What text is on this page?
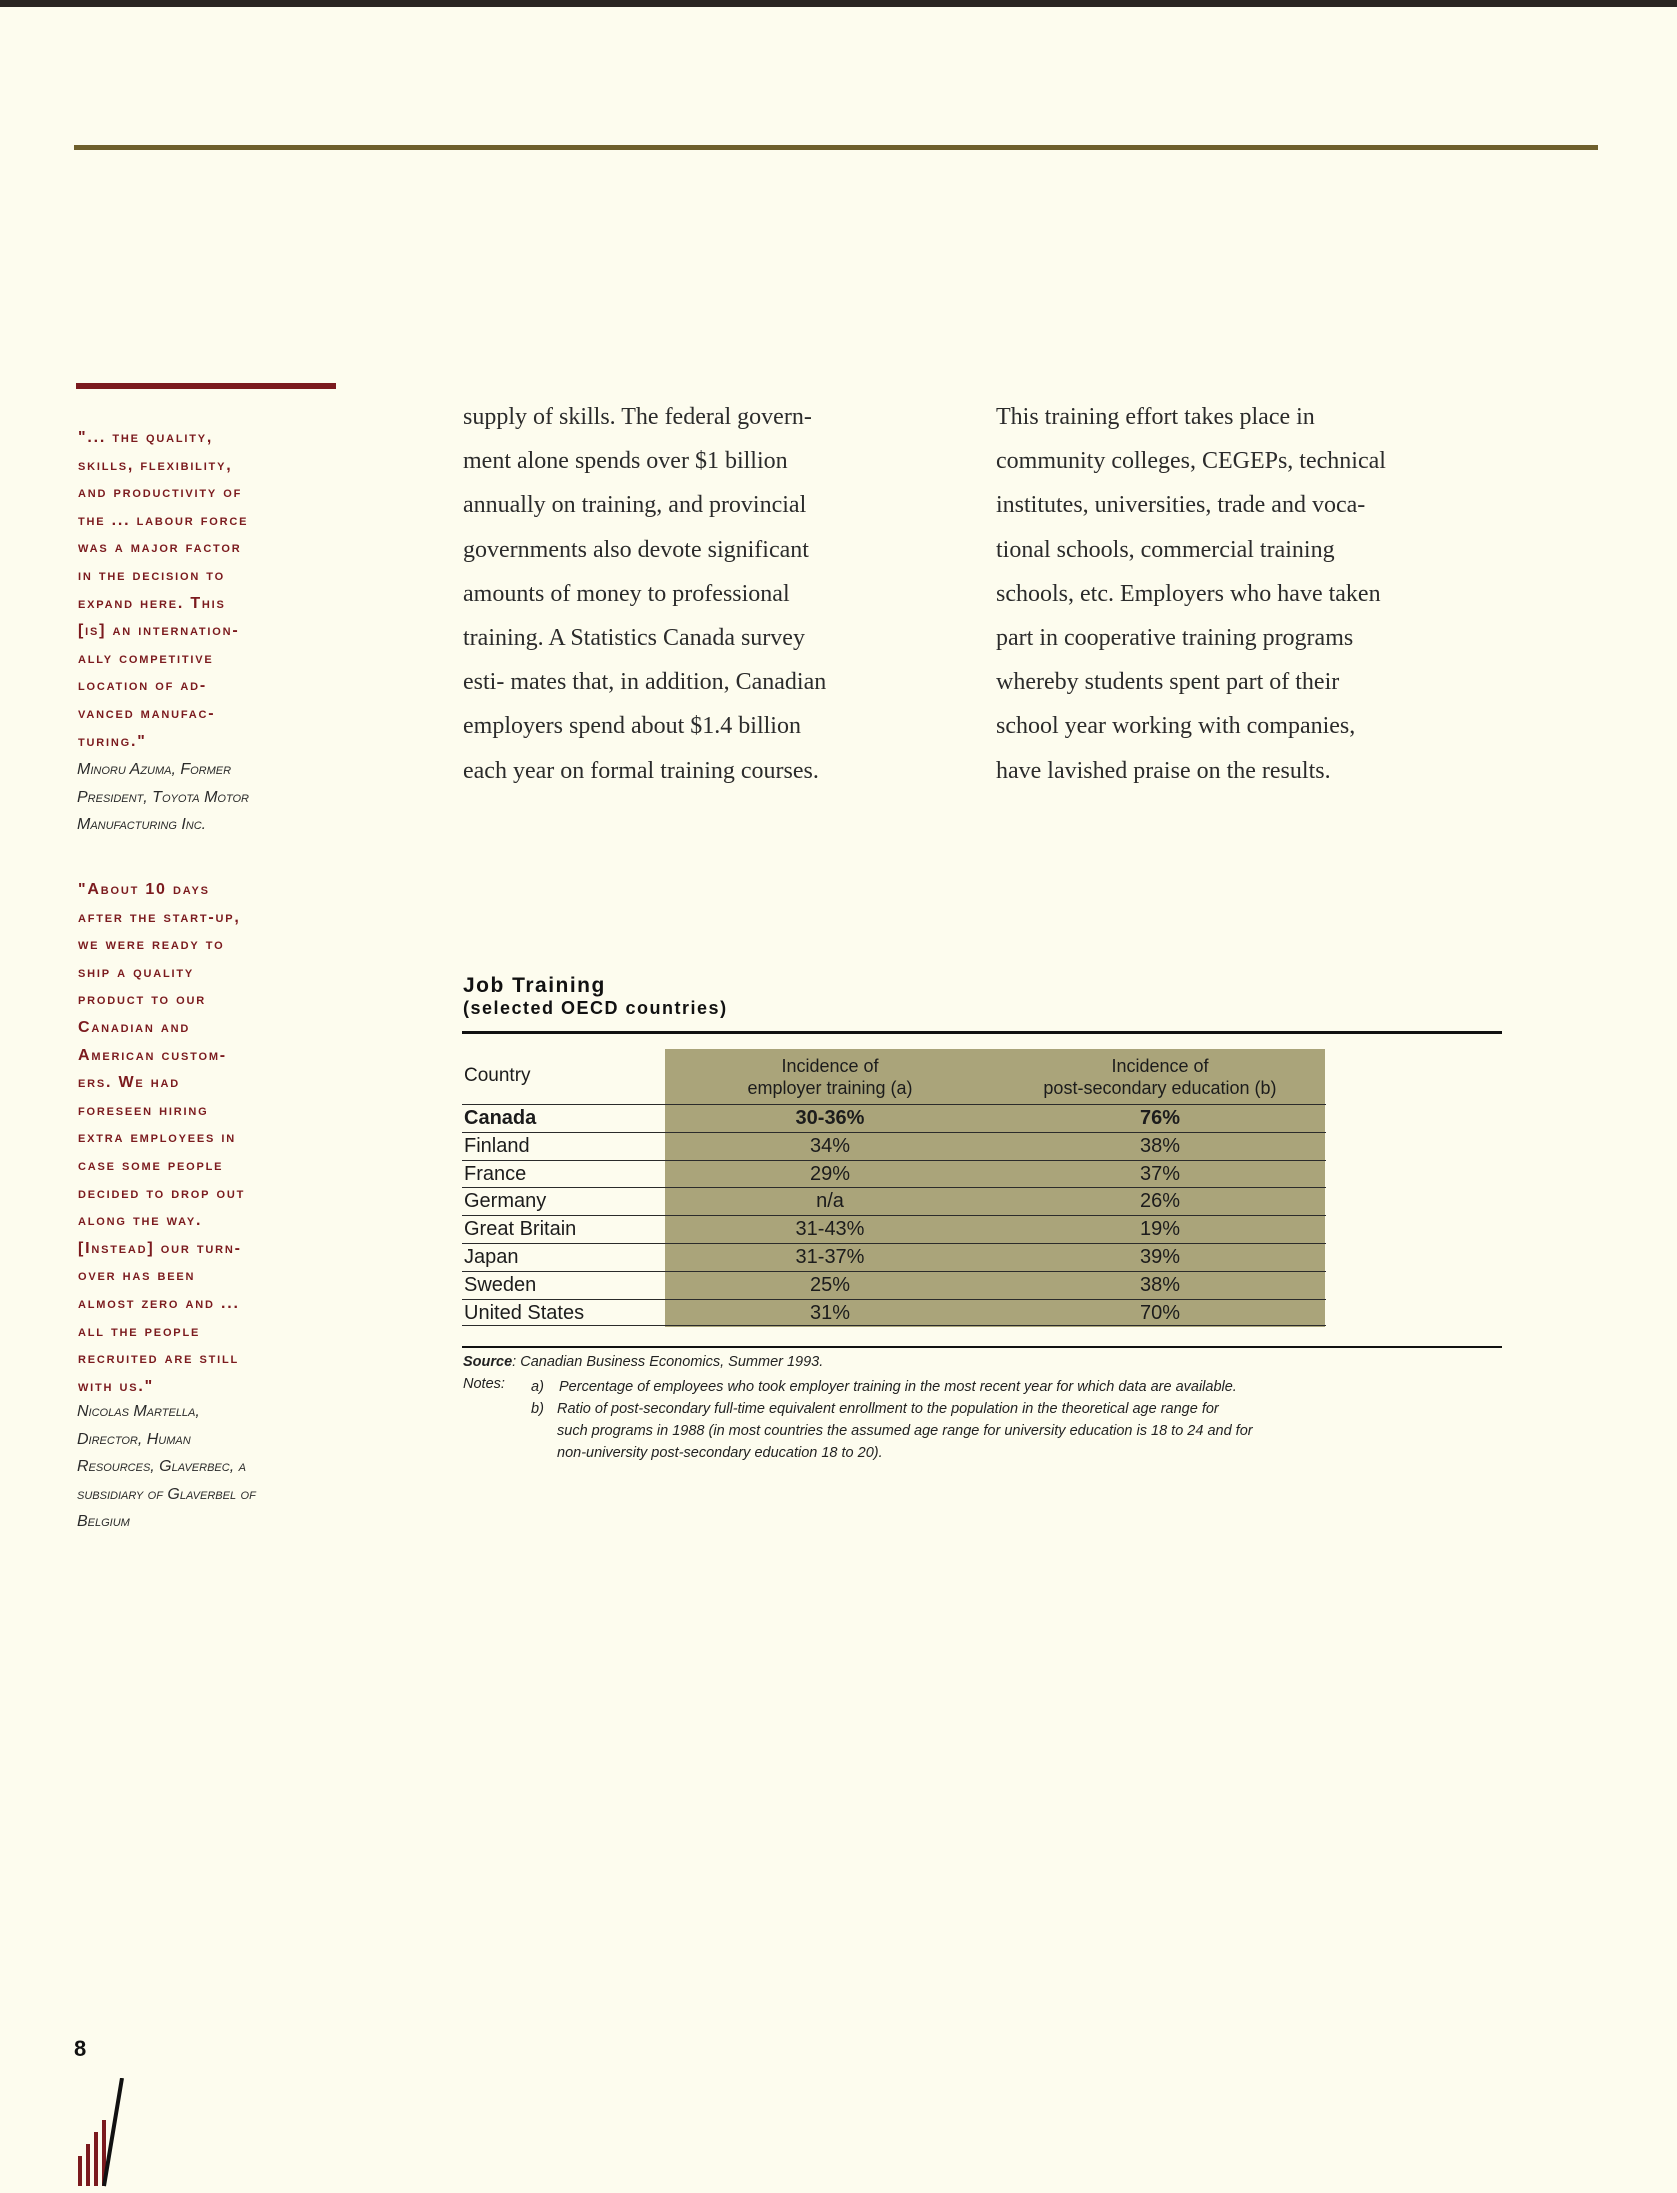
"... the quality,
skills, flexibility,
and productivity of
the ... labour force
was a major factor
in the decision to
expand here. This
[is] an internation-
ally competitive
location of ad-
vanced manufac-
turing."

Minoru Azuma, Former
President, Toyota Motor
Manufacturing Inc.

"About 10 days
after the start-up,
we were ready to
ship a quality
product to our
Canadian and
American custom-
ers. We had
foreseen hiring
extra employees in
case some people
decided to drop out
along the way.
[Instead] our turn-
over has been
almost zero and ...
all the people
recruited are still
with us."

Nicolas Martella,
Director, Human
Resources, Glaverbec, a
subsidiary of Glaverbel of
Belgium

supply of skills. The federal govern-
ment alone spends over $1 billion
annually on training, and provincial
governments also devote significant
amounts of money to professional
training. A Statistics Canada survey
esti- mates that, in addition, Canadian
employers spend about $1.4 billion
each year on formal training courses.

This training effort takes place in
community colleges, CEGEPs, technical
institutes, universities, trade and voca-
tional schools, commercial training
schools, etc. Employers who have taken
part in cooperative training programs
whereby students spent part of their
school year working with companies,
have lavished praise on the results.

Job Training
(selected OECD countries)
Country	Incidence of
employer training (a)
Incidence of
post-secondary education (b)
Canada	30-36%	76%
Finland	34%	38%
France	29%	37%
Germany	n/a	26%
Great Britain	31-43%	19%
Japan	31-37%	39%
Sweden	25%	38%
United States	31%	70%
Source: Canadian Business Economics, Summer 1993.
Notes: a) Percentage of employees who took employer training in the most recent year for which data are available.
b) Ratio of post-secondary full-time equivalent enrollment to the population in the theoretical age range for
such programs in 1988 (in most countries the assumed age range for university education is 18 to 24 and for
non-university post-secondary education 18 to 20).
8
